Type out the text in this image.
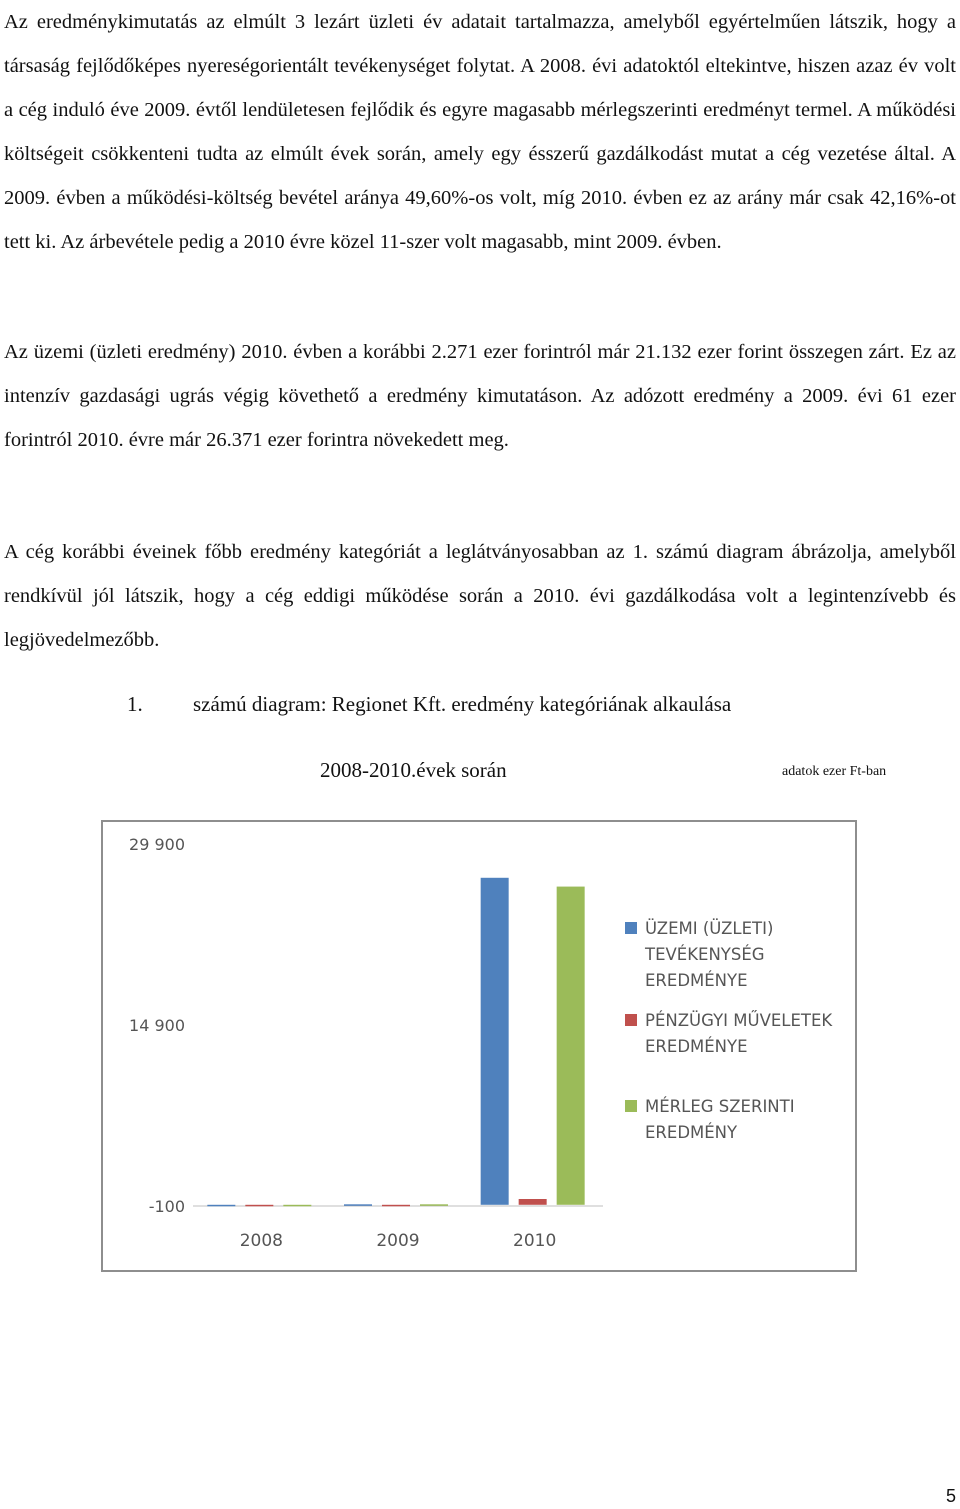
Az eredménykimutatás az elmúlt 3 lezárt üzleti év adatait tartalmazza, amelyből egyértelműen látszik, hogy a társaság fejlődőképes nyereségorientált tevékenységet folytat. A 2008. évi adatoktól eltekintve, hiszen azaz év volt a cég induló éve 2009. évtől lendületesen fejlődik és egyre magasabb mérlegszerinti eredményt termel. A működési költségeit csökkenteni tudta az elmúlt évek során, amely egy ésszerű gazdálkodást mutat a cég vezetése által. A 2009. évben a működési-költség bevétel aránya 49,60%-os volt, míg 2010. évben ez az arány már csak 42,16%-ot tett ki. Az árbevétele pedig a 2010 évre közel 11-szer volt magasabb, mint 2009. évben.

Az üzemi (üzleti eredmény) 2010. évben a korábbi 2.271 ezer forintról már 21.132 ezer forint összegen zárt. Ez az intenzív gazdasági ugrás végig követhető a eredmény kimutatáson. Az adózott eredmény a 2009. évi 61 ezer forintról 2010. évre már 26.371 ezer forintra növekedett meg.

A cég korábbi éveinek főbb eredmény kategóriát a leglátványosabban az 1. számú diagram ábrázolja, amelyből rendkívül jól látszik, hogy a cég eddigi működése során a 2010. évi gazdálkodása volt a legintenzívebb és legjövedelmezőbb.

1. számú diagram: Regionet Kft. eredmény kategóriának alkaulása
2008-2010.évek során	adatok ezer Ft-ban
-100
14 900
29 900
2008	2009	2010
ÜZEMI (ÜZLETI)
TEVÉKENYSÉG
EREDMÉNYE
PÉNZÜGYI MŰVELETEK
EREDMÉNYE
MÉRLEG SZERINTI
EREDMÉNY
5
